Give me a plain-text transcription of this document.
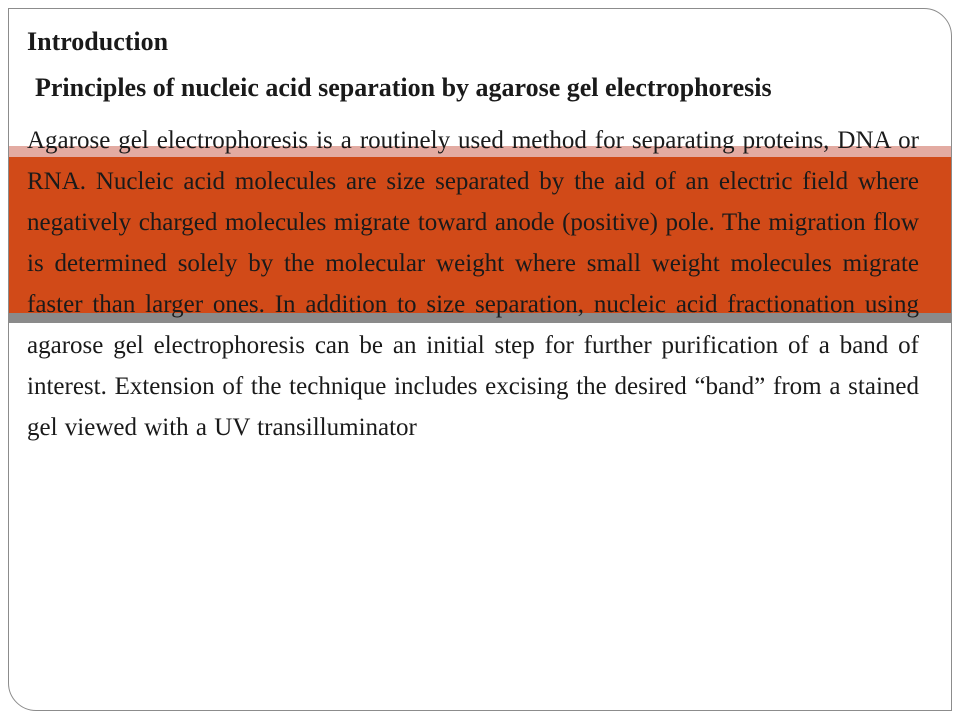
Introduction

Principles of nucleic acid separation by agarose gel electrophoresis

Agarose gel electrophoresis is a routinely used method for separating proteins, DNA or RNA. Nucleic acid molecules are size separated by the aid of an electric field where negatively charged molecules migrate toward anode (positive) pole. The migration flow is determined solely by the molecular weight where small weight molecules migrate faster than larger ones. In addition to size separation, nucleic acid fractionation using agarose gel electrophoresis can be an initial step for further purification of a band of interest. Extension of the technique includes excising the desired “band” from a stained gel viewed with a UV transilluminator
